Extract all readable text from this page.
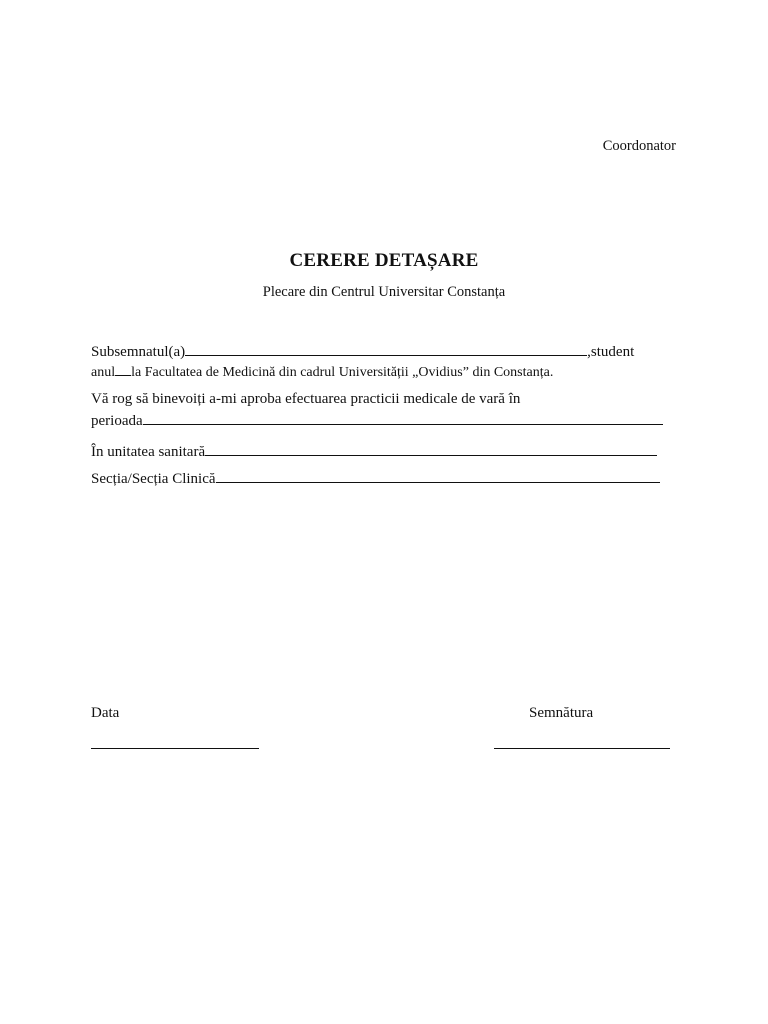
Coordonator
CERERE DETAȘARE
Plecare din Centrul Universitar Constanța
Subsemnatul(a)	,student
anul la Facultatea de Medicină din cadrul Universității „Ovidius” din Constanța.
Vă rog să binevoiți a-mi aproba efectuarea practicii medicale de vară în
perioada
În unitatea sanitară
Secția/Secția Clinică
Data	Semnătura
